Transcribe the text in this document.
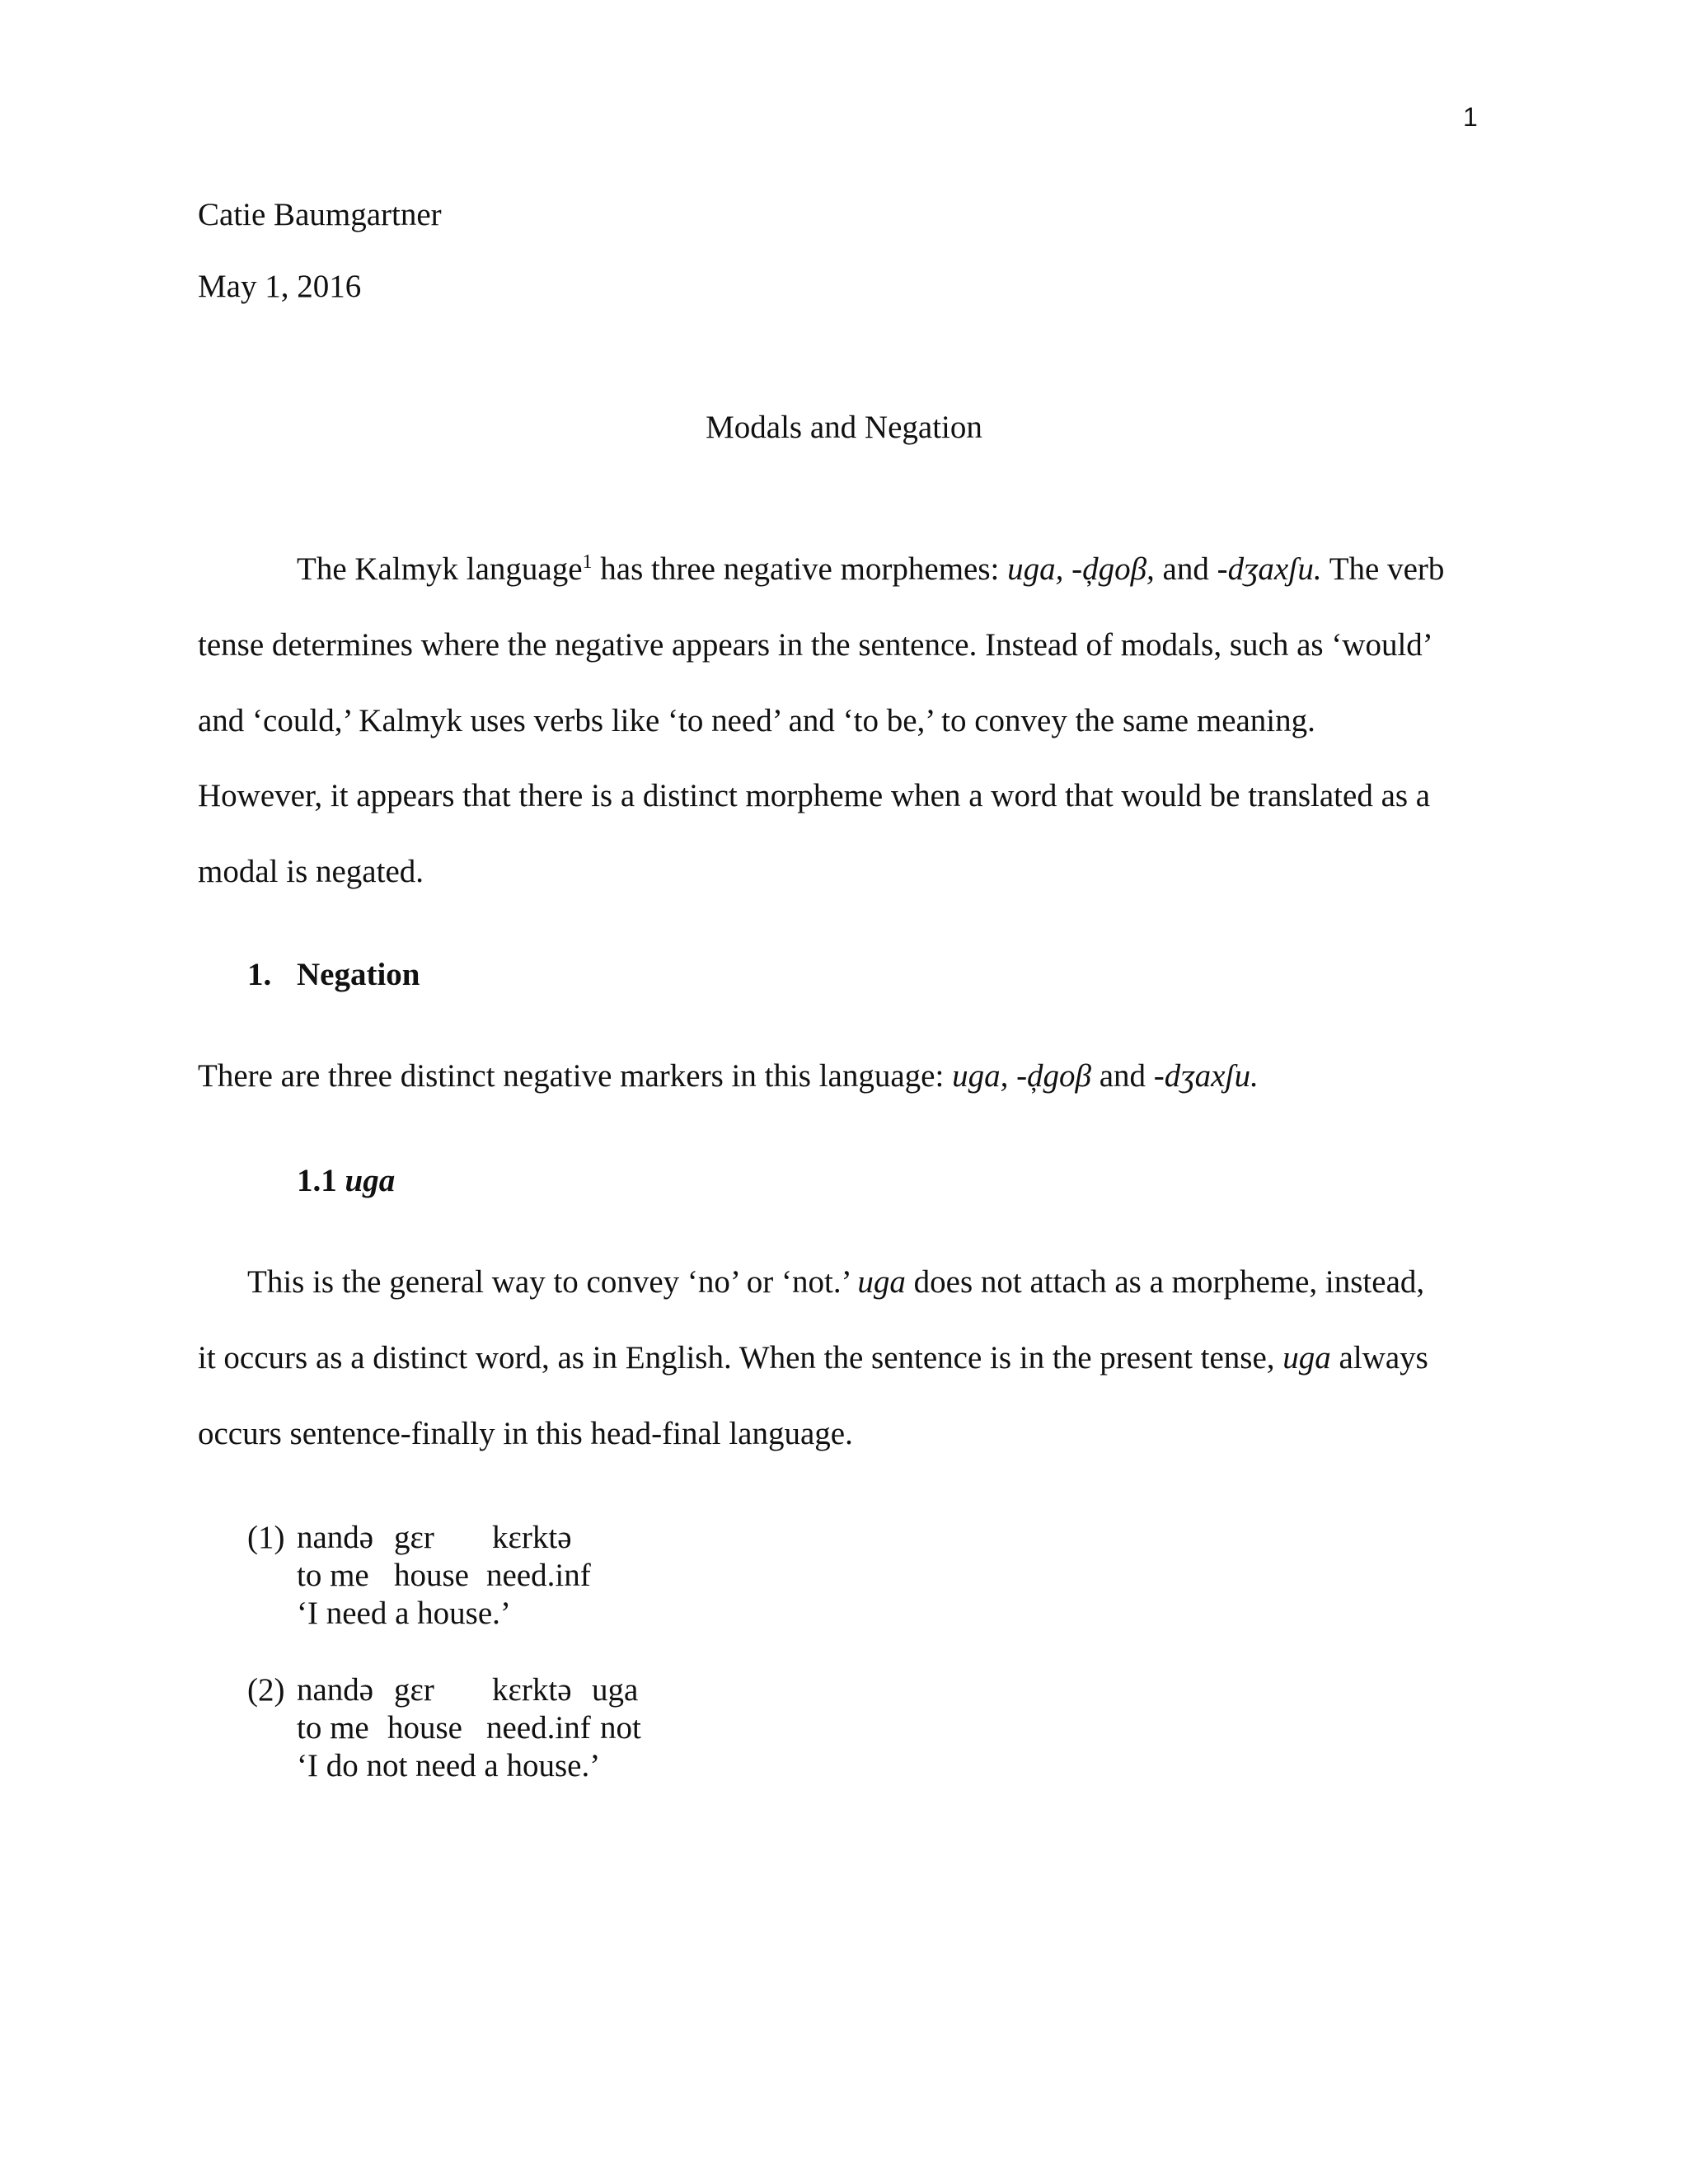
1
Catie Baumgartner
May 1, 2016
Modals and Negation
The Kalmyk language$^1$ has three negative morphemes: uga, -ḑgoβ, and -dʒaxʃu. The verb
tense determines where the negative appears in the sentence. Instead of modals, such as ‘would’
and ‘could,’ Kalmyk uses verbs like ‘to need’ and ‘to be,’ to convey the same meaning.
However, it appears that there is a distinct morpheme when a word that would be translated as a
modal is negated.
1. Negation
There are three distinct negative markers in this language: uga, -ḑgoβ and -dʒaxʃu.
1.1 uga
This is the general way to convey ‘no’ or ‘not.’ uga does not attach as a morpheme, instead,
it occurs as a distinct word, as in English. When the sentence is in the present tense, uga always
occurs sentence-finally in this head-final language.
(1) nandə gɛr kɛrktə
to me house need.inf
‘I need a house.’
(2) nandə gɛr kɛrktə uga
to me house need.inf not
‘I do not need a house.’
